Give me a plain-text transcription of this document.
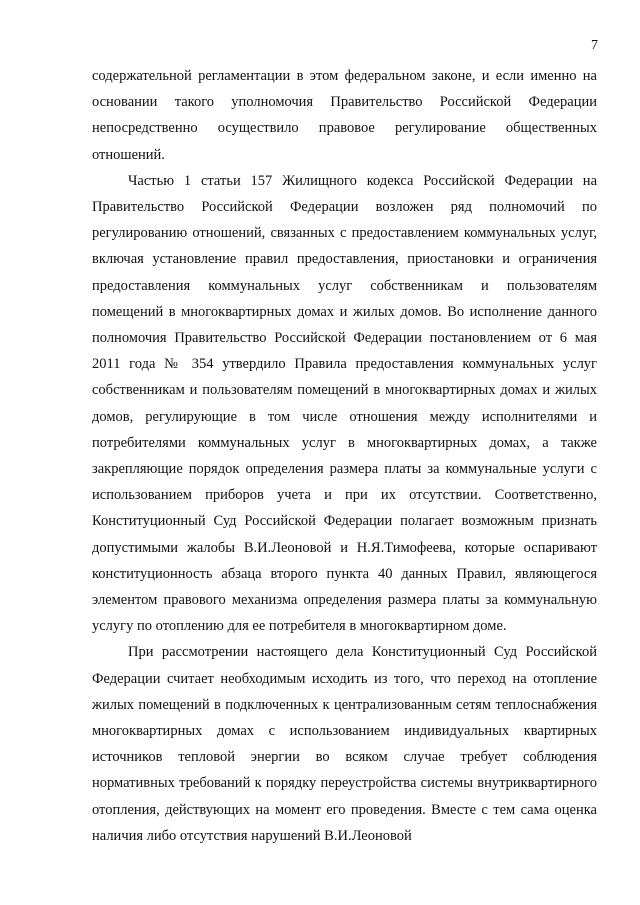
7

содержательной регламентации в этом федеральном законе, и если именно на основании такого уполномочия Правительство Российской Федерации непосредственно осуществило правовое регулирование общественных отношений.

Частью 1 статьи 157 Жилищного кодекса Российской Федерации на Правительство Российской Федерации возложен ряд полномочий по регулированию отношений, связанных с предоставлением коммунальных услуг, включая установление правил предоставления, приостановки и ограничения предоставления коммунальных услуг собственникам и пользователям помещений в многоквартирных домах и жилых домов. Во исполнение данного полномочия Правительство Российской Федерации постановлением от 6 мая 2011 года № 354 утвердило Правила предоставления коммунальных услуг собственникам и пользователям помещений в многоквартирных домах и жилых домов, регулирующие в том числе отношения между исполнителями и потребителями коммунальных услуг в многоквартирных домах, а также закрепляющие порядок определения размера платы за коммунальные услуги с использованием приборов учета и при их отсутствии. Соответственно, Конституционный Суд Российской Федерации полагает возможным признать допустимыми жалобы В.И.Леоновой и Н.Я.Тимофеева, которые оспаривают конституционность абзаца второго пункта 40 данных Правил, являющегося элементом правового механизма определения размера платы за коммунальную услугу по отоплению для ее потребителя в многоквартирном доме.

При рассмотрении настоящего дела Конституционный Суд Российской Федерации считает необходимым исходить из того, что переход на отопление жилых помещений в подключенных к централизованным сетям теплоснабжения многоквартирных домах с использованием индивидуальных квартирных источников тепловой энергии во всяком случае требует соблюдения нормативных требований к порядку переустройства системы внутриквартирного отопления, действующих на момент его проведения. Вместе с тем сама оценка наличия либо отсутствия нарушений В.И.Леоновой
